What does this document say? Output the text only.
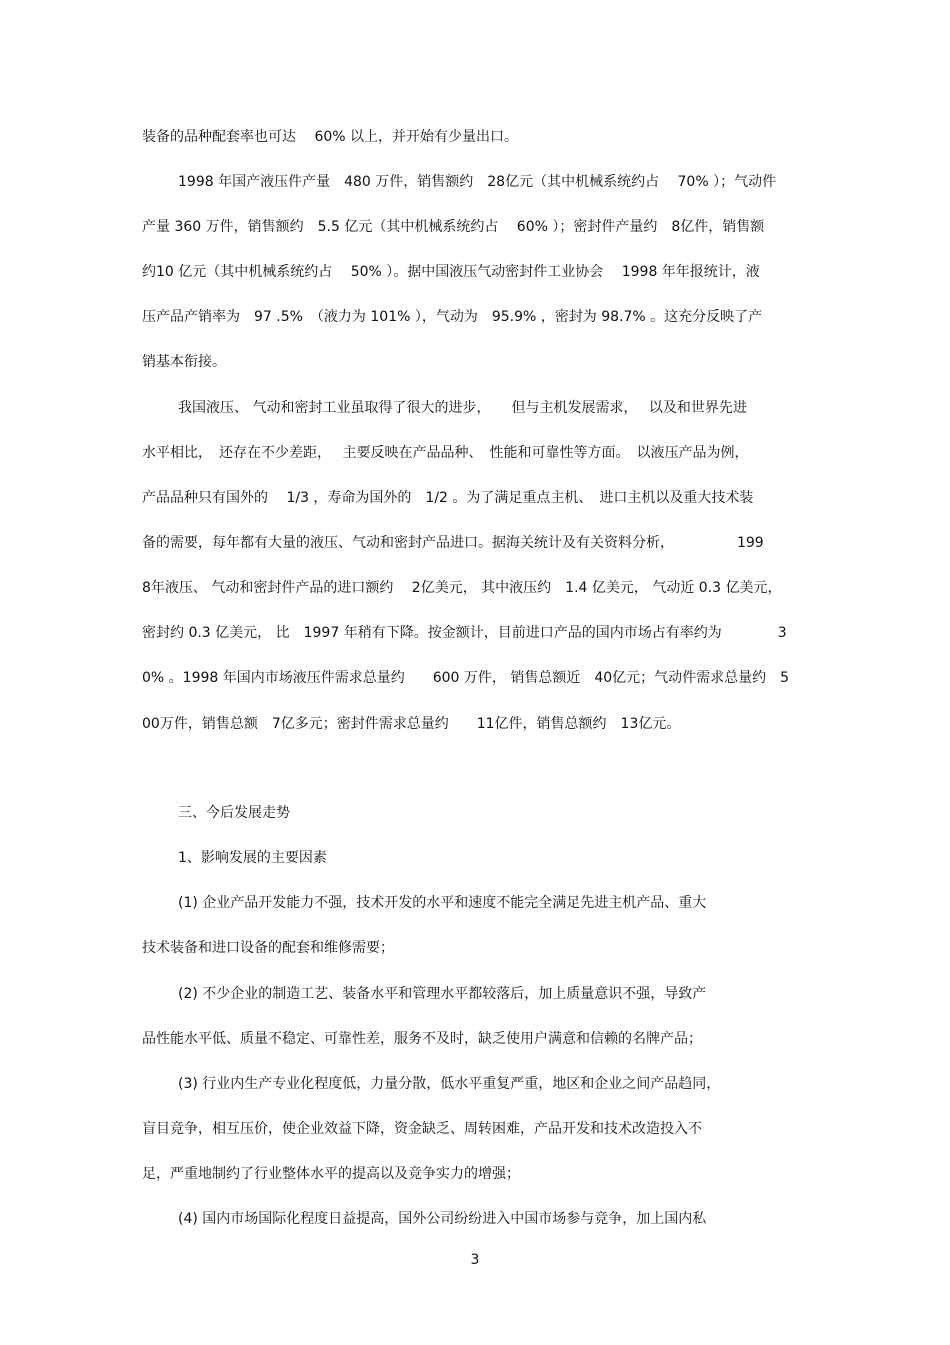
装备的品种配套率也可达　 60% 以上，并开始有少量出口。
1998 年国产液压件产量　480 万件，销售额约　28亿元（其中机械系统约占　 70% ）；气动件
产量 360 万件，销售额约　5.5 亿元（其中机械系统约占　 60% ）；密封件产量约　8亿件，销售额
约10 亿元（其中机械系统约占　 50% ）。据中国液压气动密封件工业协会　 1998 年年报统计，液
压产品产销率为　97 .5%　（液力为 101% ），气动为　95.9% ，密封为 98.7% 。这充分反映了产
销基本衔接。
我国液压、 气动和密封工业虽取得了很大的进步，　　但与主机发展需求，　 以及和世界先进
水平相比，　还存在不少差距，　 主要反映在产品品种、　性能和可靠性等方面。　以液压产品为例，
产品品种只有国外的　 1/3 ，寿命为国外的　1/2 。为了满足重点主机、　进口主机以及重大技术装
备的需要，每年都有大量的液压、气动和密封产品进口。据海关统计及有关资料分析，　　　　　199
8年液压、 气动和密封件产品的进口额约　 2亿美元， 其中液压约　1.4 亿美元， 气动近 0.3 亿美元，
密封约 0.3 亿美元， 比　1997 年稍有下降。按金额计，目前进口产品的国内市场占有率约为　　　　3
0% 。1998 年国内市场液压件需求总量约　　600 万件， 销售总额近　40亿元；气动件需求总量约　5
00万件，销售总额　7亿多元；密封件需求总量约　　11亿件，销售总额约　13亿元。
三、今后发展走势
1、影响发展的主要因素
(1) 企业产品开发能力不强，技术开发的水平和速度不能完全满足先进主机产品、重大
技术装备和进口设备的配套和维修需要；
(2) 不少企业的制造工艺、装备水平和管理水平都较落后，加上质量意识不强，导致产
品性能水平低、质量不稳定、可靠性差，服务不及时，缺乏使用户满意和信赖的名牌产品；
(3) 行业内生产专业化程度低，力量分散，低水平重复严重，地区和企业之间产品趋同，
盲目竞争，相互压价，使企业效益下降，资金缺乏、周转困难，产品开发和技术改造投入不
足，严重地制约了行业整体水平的提高以及竞争实力的增强；
(4) 国内市场国际化程度日益提高，国外公司纷纷进入中国市场参与竞争，加上国内私
3
